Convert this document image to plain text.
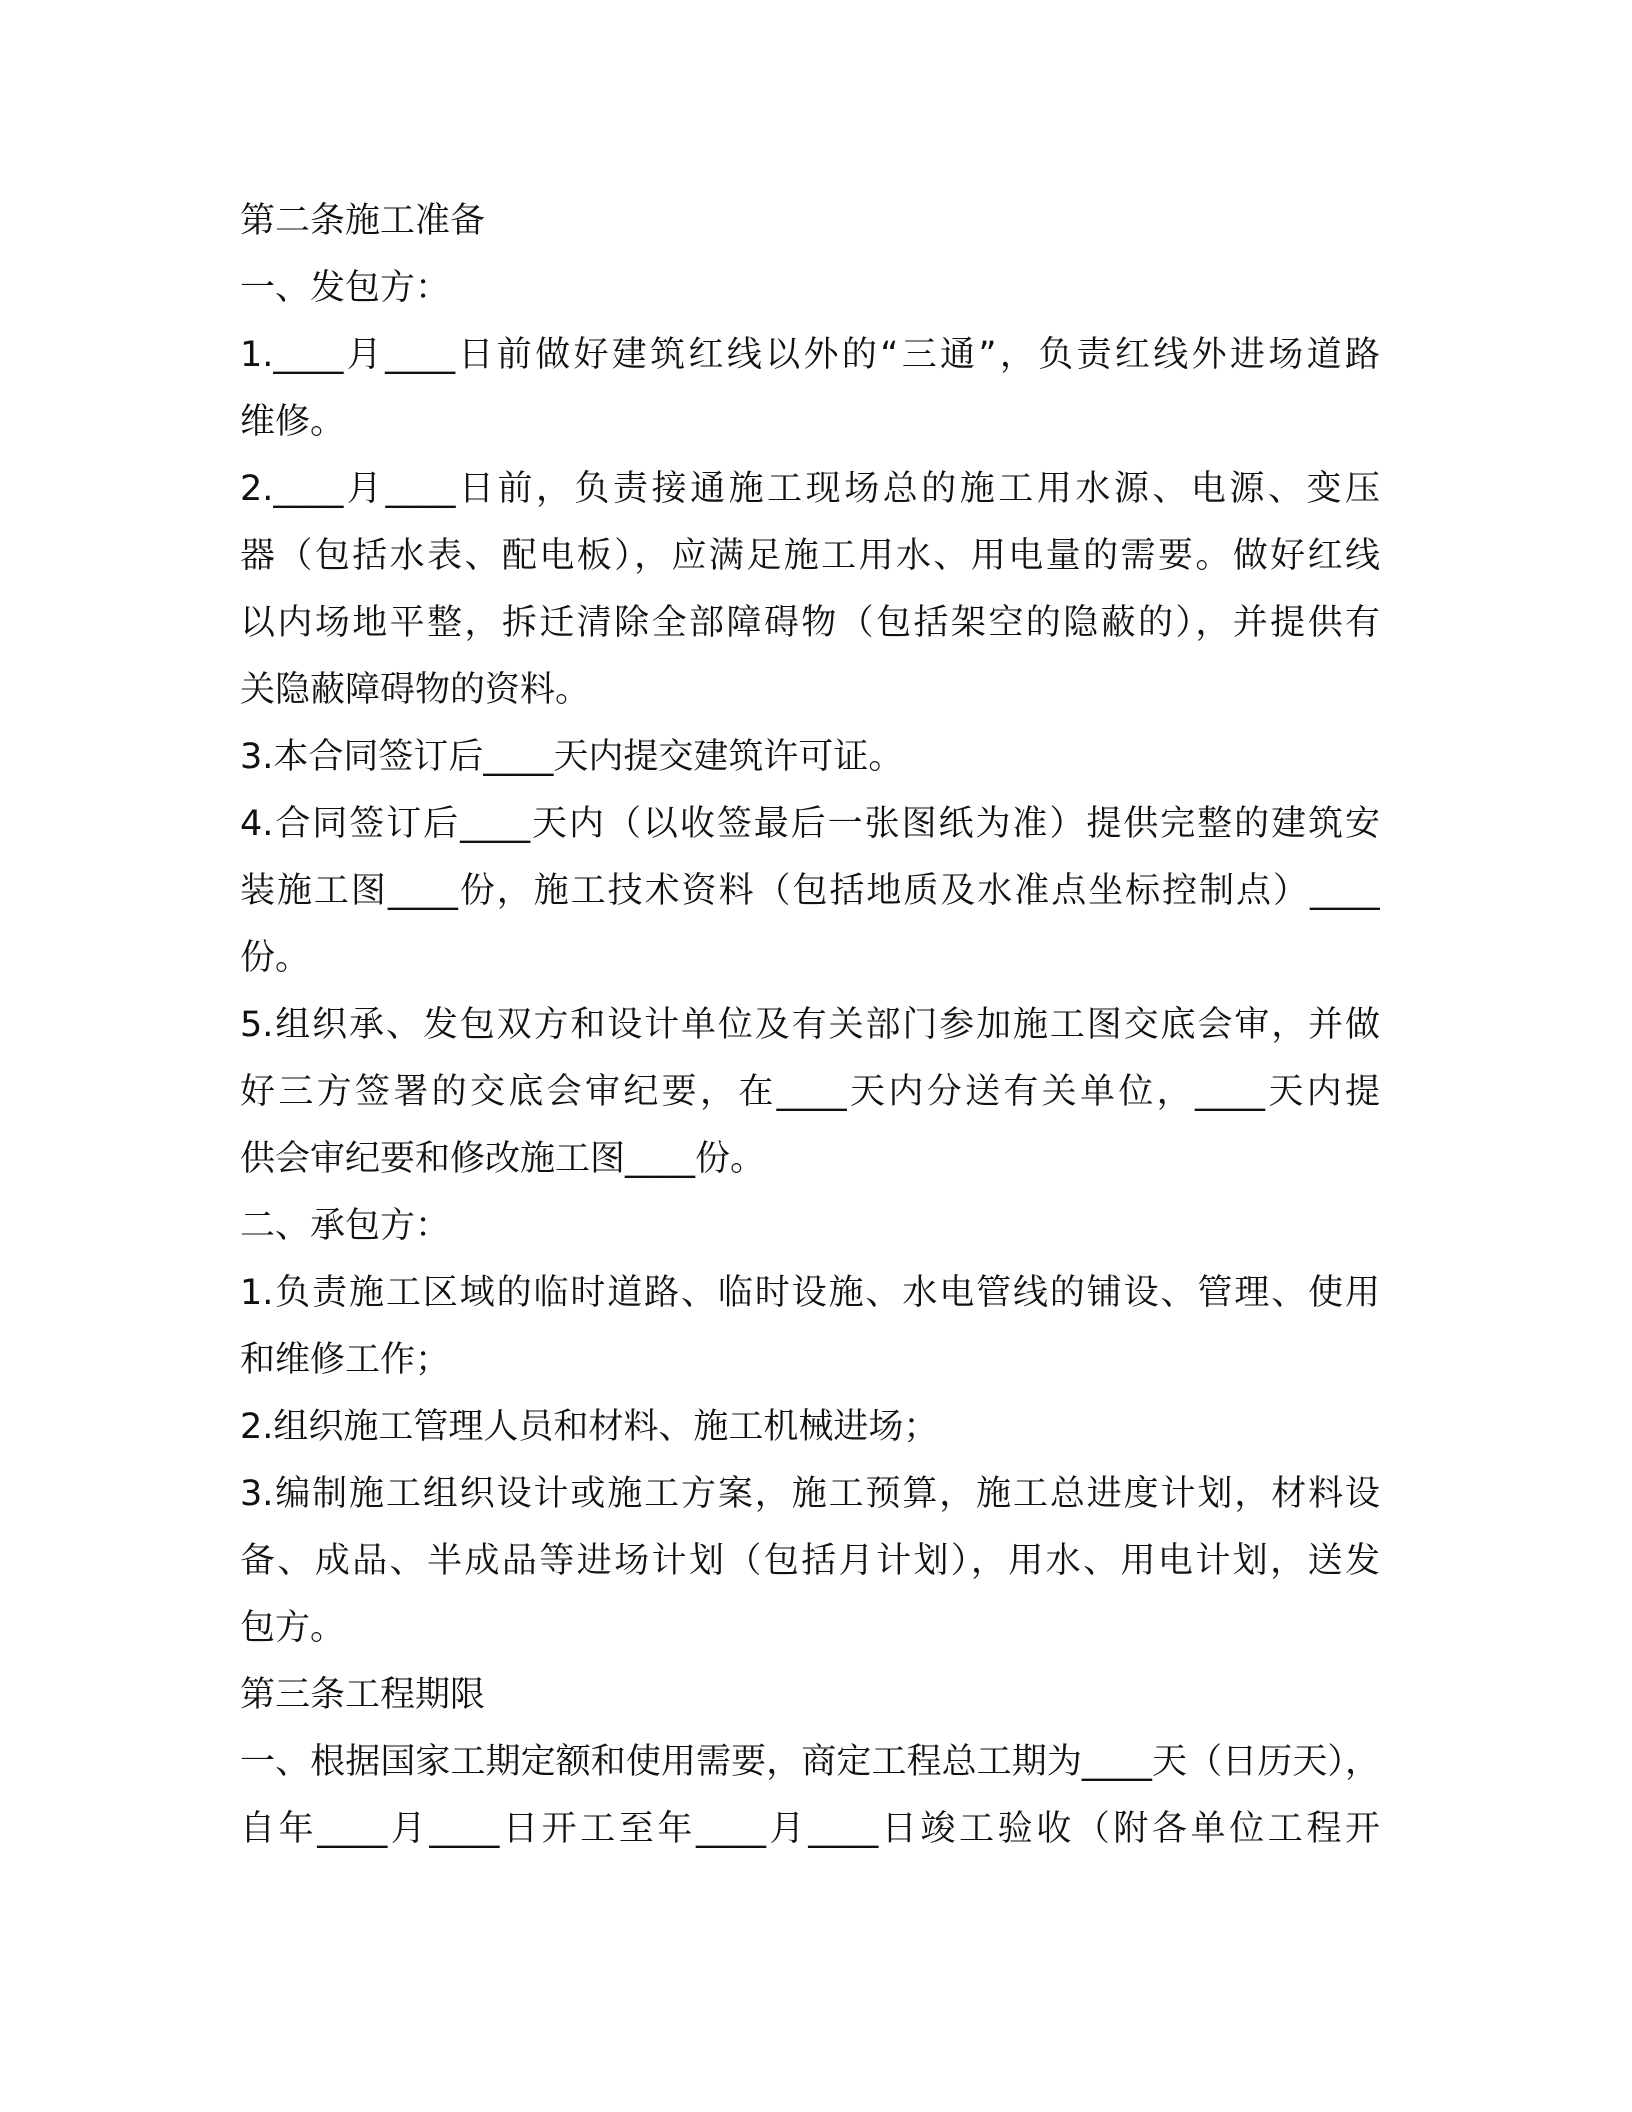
第二条施工准备
一、发包方：
1.____月____日前做好建筑红线以外的“三通”，负责红线外进场道路
维修。
2.____月____日前，负责接通施工现场总的施工用水源、电源、变压
器（包括水表、配电板），应满足施工用水、用电量的需要。做好红线
以内场地平整，拆迁清除全部障碍物（包括架空的隐蔽的），并提供有
关隐蔽障碍物的资料。
3.本合同签订后____天内提交建筑许可证。
4.合同签订后____天内（以收签最后一张图纸为准）提供完整的建筑安
装施工图____份，施工技术资料（包括地质及水准点坐标控制点）____
份。
5.组织承、发包双方和设计单位及有关部门参加施工图交底会审，并做
好三方签署的交底会审纪要，在____天内分送有关单位，____天内提
供会审纪要和修改施工图____份。
二、承包方：
1.负责施工区域的临时道路、临时设施、水电管线的铺设、管理、使用
和维修工作；
2.组织施工管理人员和材料、施工机械进场；
3.编制施工组织设计或施工方案，施工预算，施工总进度计划，材料设
备、成品、半成品等进场计划（包括月计划），用水、用电计划，送发
包方。
第三条工程期限
一、根据国家工期定额和使用需要，商定工程总工期为____天（日历天），
自年____月____日开工至年____月____日竣工验收（附各单位工程开
